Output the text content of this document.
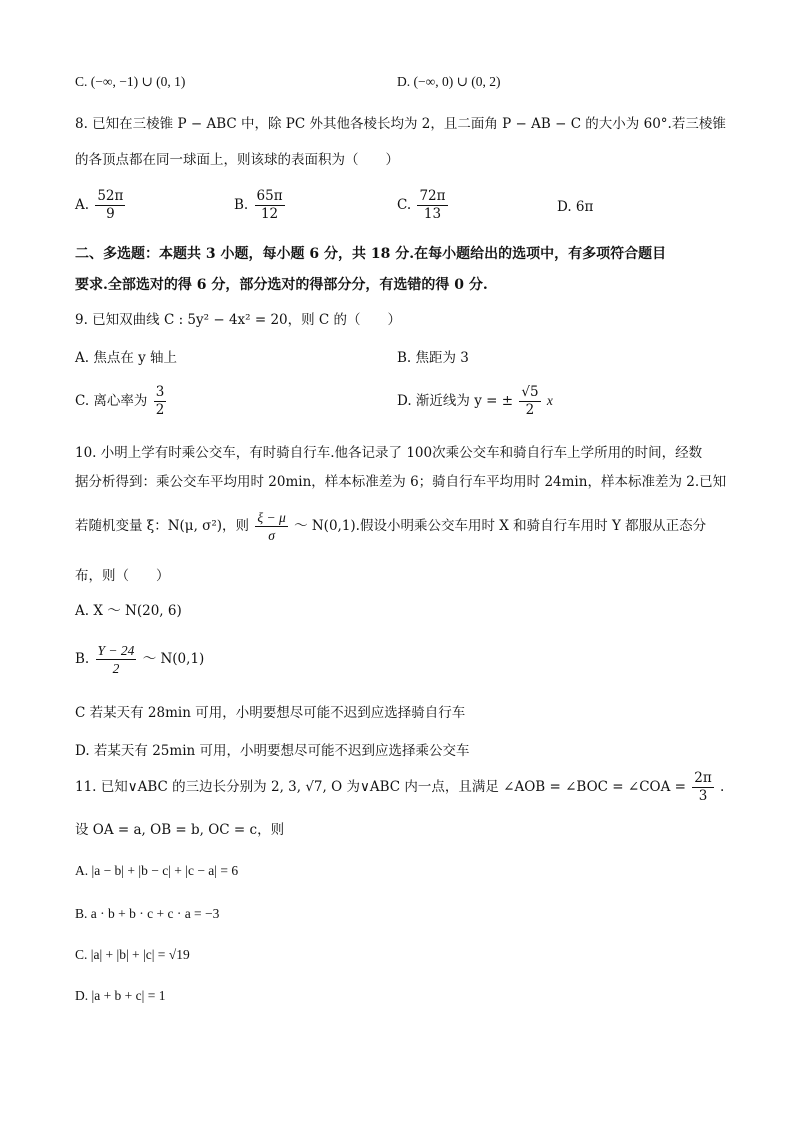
C. (−∞, −1) ∪ (0, 1)	D. (−∞, 0) ∪ (0, 2)
8. 已知在三棱锥 P − ABC 中，除 PC 外其他各棱长均为 2，且二面角 P − AB − C 的大小为 60°.若三棱锥
的各顶点都在同一球面上，则该球的表面积为（　　）
A. $\frac{52\pi}{9}$	B. $\frac{65\pi}{12}$	C. $\frac{72\pi}{13}$	D. 6π
二、多选题：本题共 3 小题，每小题 6 分，共 18 分.在每小题给出的选项中，有多项符合题目
要求.全部选对的得 6 分，部分选对的得部分分，有选错的得 0 分.
9. 已知双曲线 C : 5y² − 4x² = 20，则 C 的（　　）
A. 焦点在 y 轴上	B. 焦距为 3
C. 离心率为 $\frac{3}{2}$	D. 渐近线为 y = ± $\frac{√5}{2}$ x
10. 小明上学有时乘公交车，有时骑自行车.他各记录了 100次乘公交车和骑自行车上学所用的时间，经数
据分析得到：乘公交车平均用时 20min，样本标准差为 6；骑自行车平均用时 24min，样本标准差为 2.已知
若随机变量 ξ：N(μ, σ²)，则 $\frac{\xi - \mu}{\sigma}$ ～ N(0,1).假设小明乘公交车用时 X 和骑自行车用时 Y 都服从正态分
布，则（　　）
A. X ～ N(20, 6)
B. $\frac{Y - 24}{2}$ ～ N(0,1)
C 若某天有 28min 可用，小明要想尽可能不迟到应选择骑自行车
D. 若某天有 25min 可用，小明要想尽可能不迟到应选择乘公交车
11. 已知∨ABC 的三边长分别为 2, 3, √7, O 为∨ABC 内一点，且满足 ∠AOB = ∠BOC = ∠COA = $\frac{2\pi}{3}$ .
设 OA = a, OB = b, OC = c，则
A. |a − b| + |b − c| + |c − a| = 6
B. a · b + b · c + c · a = −3
C. |a| + |b| + |c| = √19
D. |a + b + c| = 1
